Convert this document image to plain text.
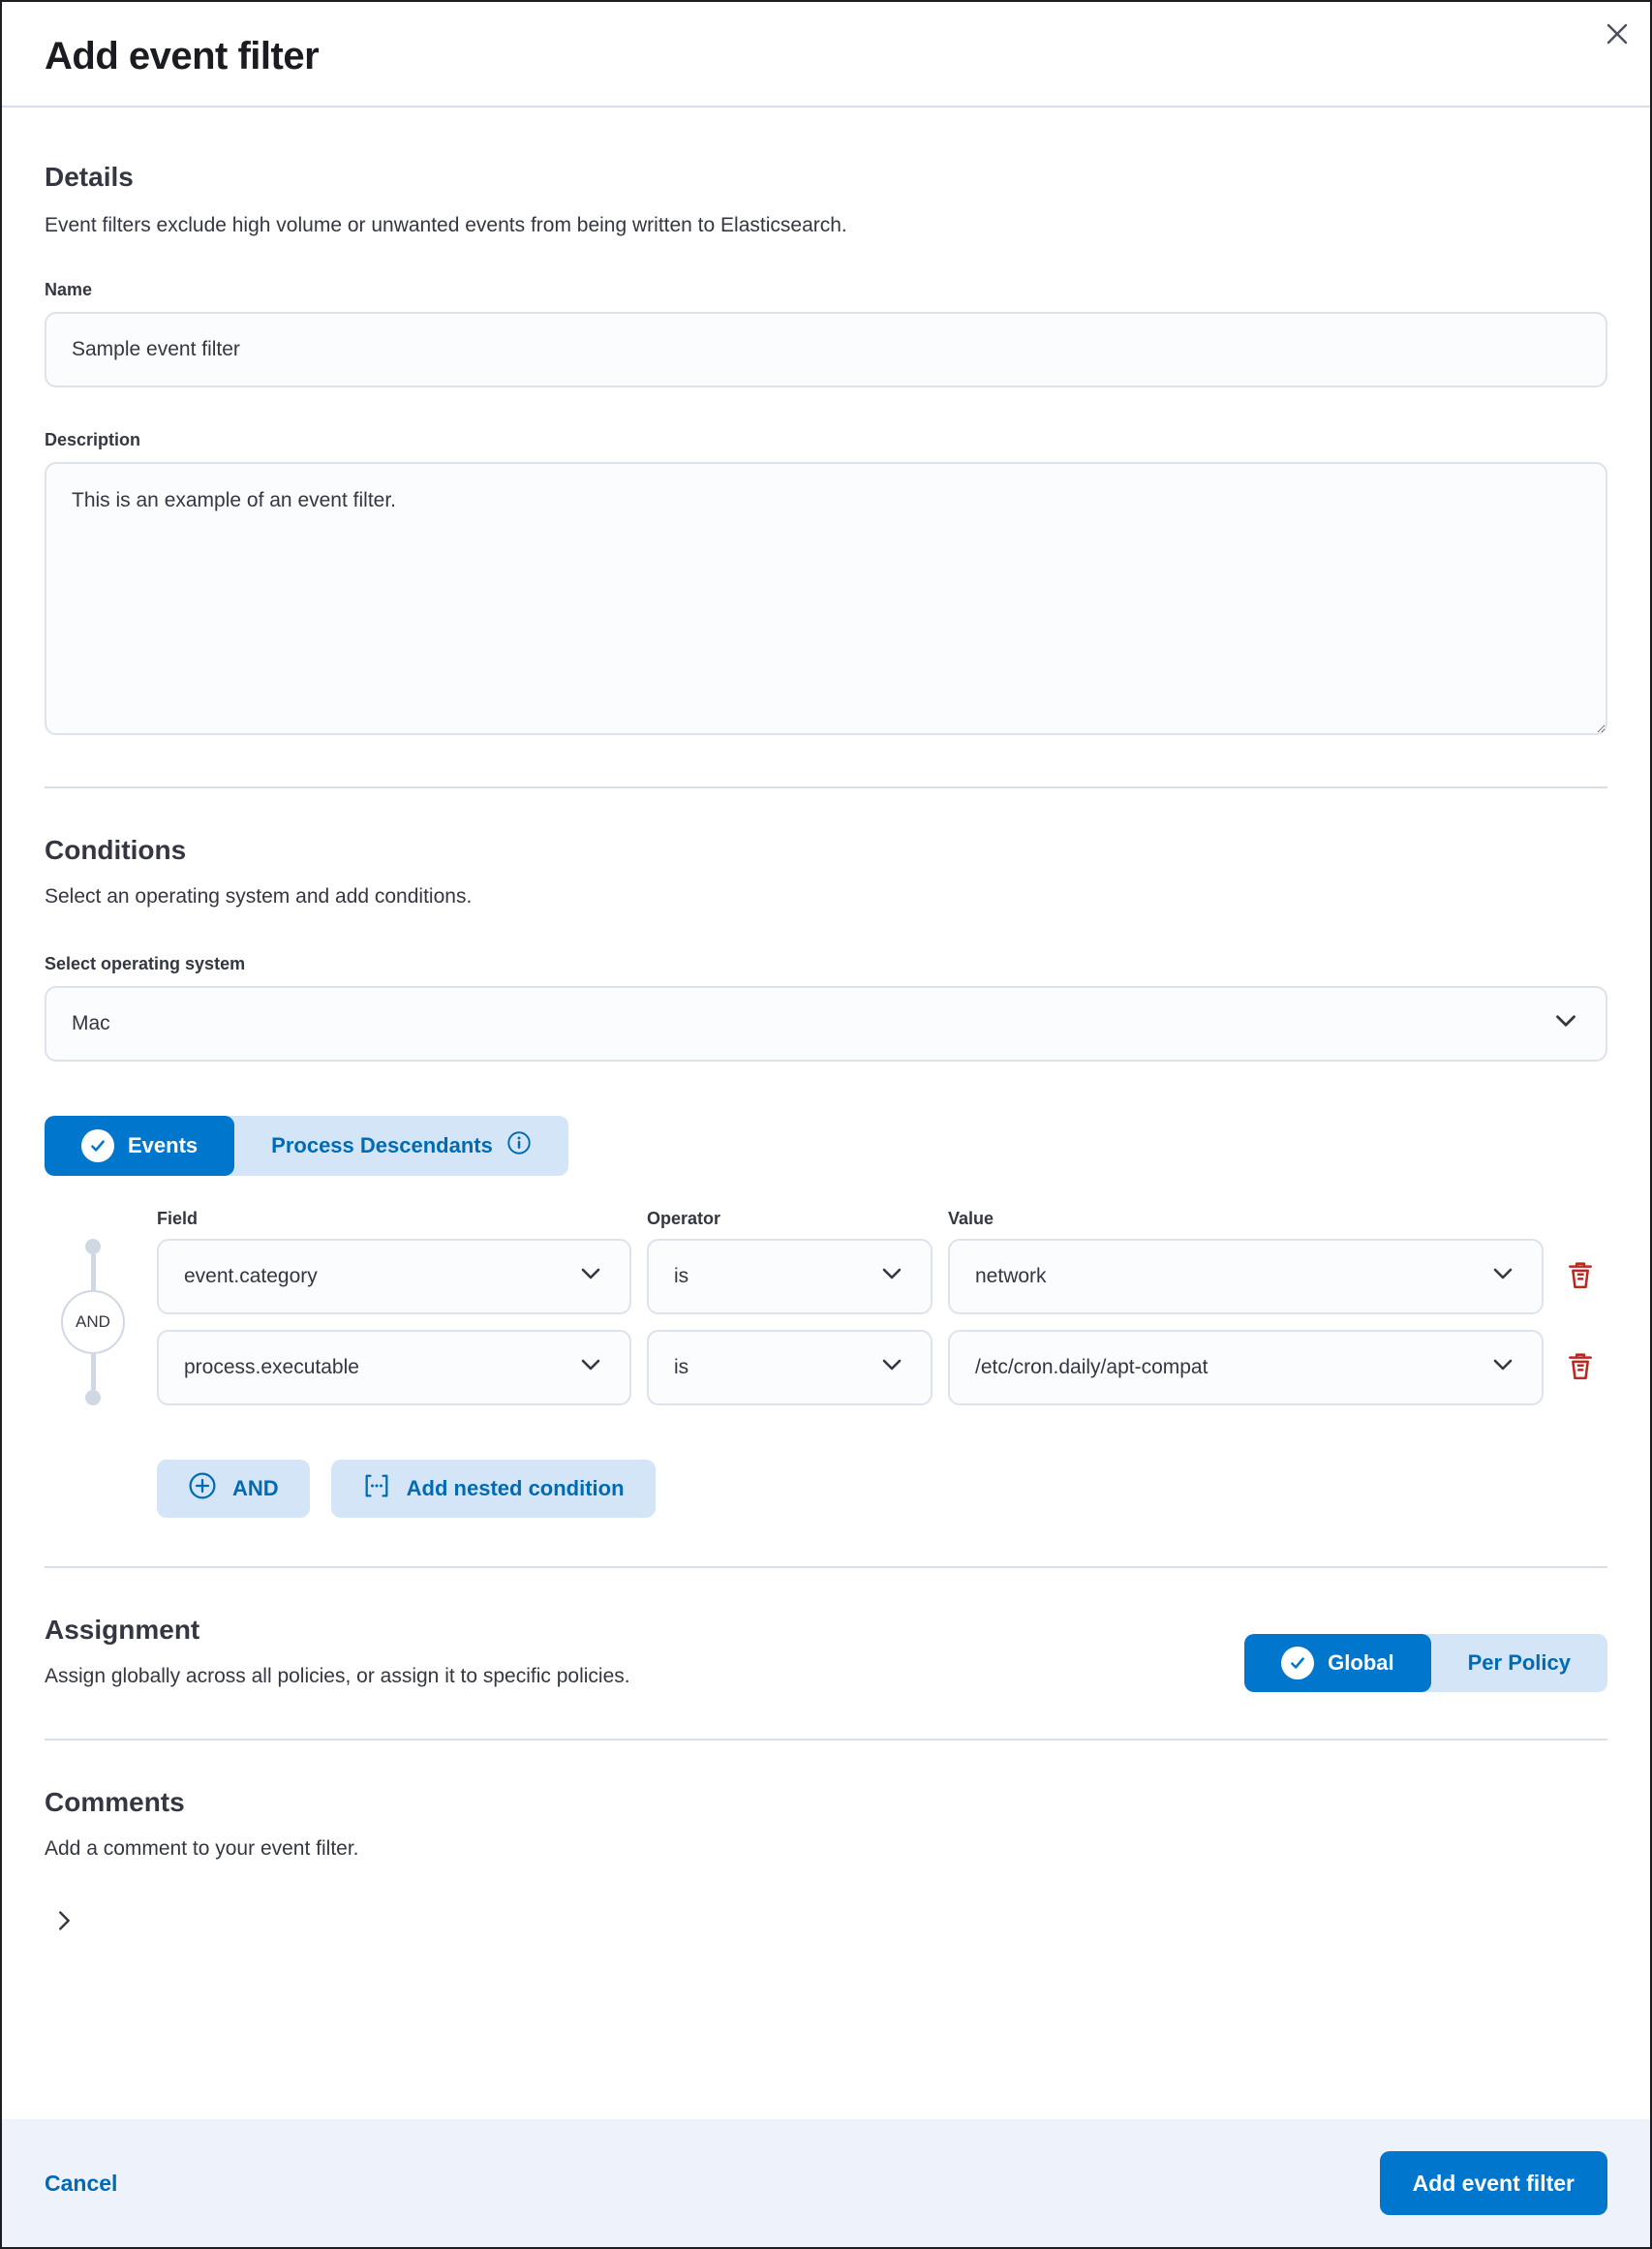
Add event filter
Details

Event filters exclude high volume or unwanted events from being written to Elasticsearch.

Name
Sample event filter
Description
This is an example of an event filter.
Conditions

Select an operating system and add conditions.

Select operating system
Mac
Events	Process Descendants
Field	Operator	Value
AND
event.category	is	network
process.executable	is	/etc/cron.daily/apt-compat
AND	Add nested condition
Assignment

Assign globally across all policies, or assign it to specific policies.

Global	Per Policy
Comments

Add a comment to your event filter.

Cancel	Add event filter
